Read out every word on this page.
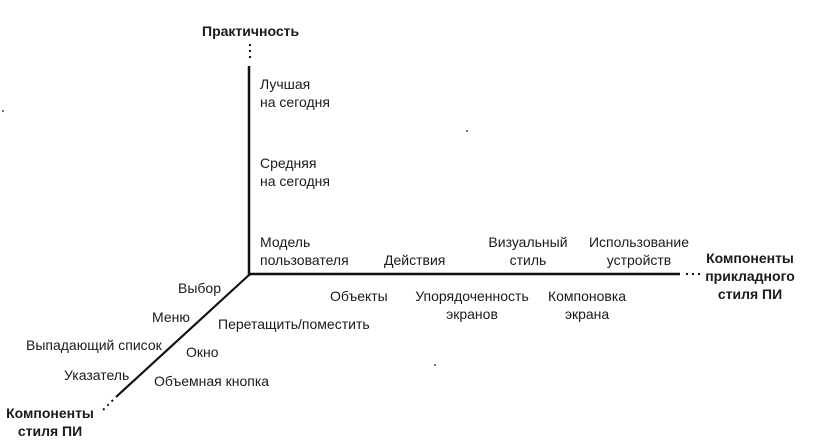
Практичность
Компоненты
прикладного
стиля ПИ
Компоненты
стиля ПИ
Лучшая
на сегодня
Средняя
на сегодня
Модель
пользователя	Действия
Визуальный
стиль
Использование
устройств
Объекты	Упорядоченность
экранов
Компоновка
экрана
Выбор
Меню
Выпадающий список
Указатель
Перетащить/поместить
Окно
Объемная кнопка
